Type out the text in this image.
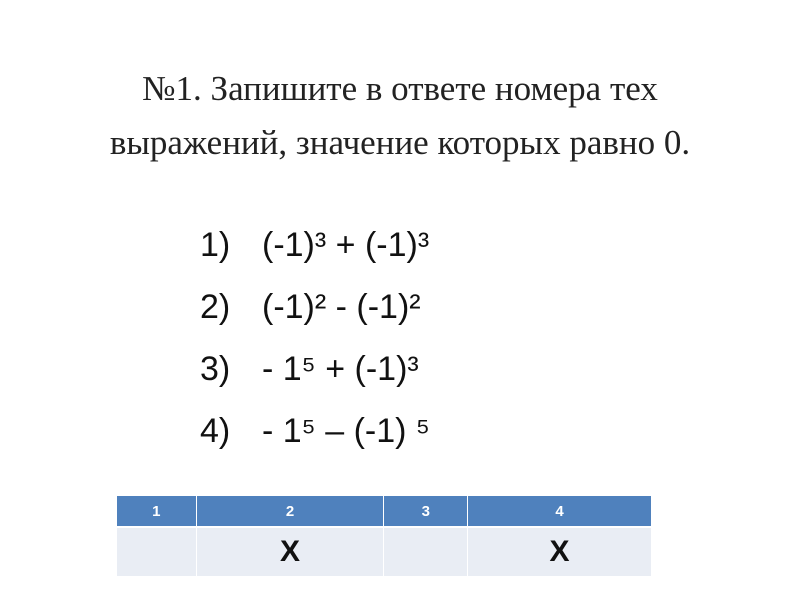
№1. Запишите в ответе номера тех
выражений, значение которых равно 0.
1) (-1)³ + (-1)³
2) (-1)² - (-1)²
3) - 1⁵ + (-1)³
4) - 1⁵ – (-1) ⁵
1	2	3	4
	X		X
